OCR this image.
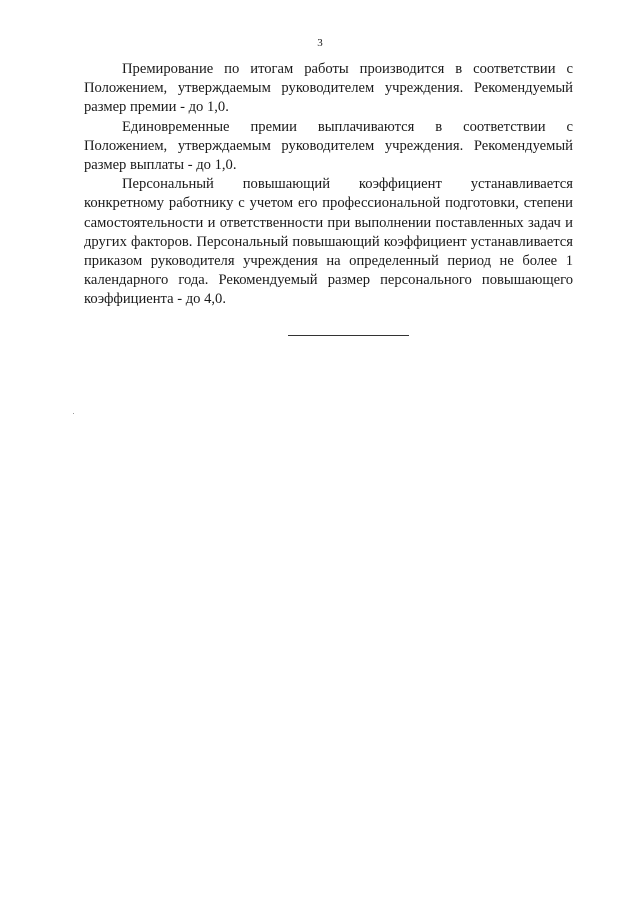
3

Премирование по итогам работы производится в соответствии с Положением, утверждаемым руководителем учреждения. Рекомендуемый размер премии - до 1,0.

Единовременные премии выплачиваются в соответствии с Положением, утверждаемым руководителем учреждения. Рекомендуемый размер выплаты - до 1,0.

Персональный повышающий коэффициент устанавливается конкретному работнику с учетом его профессиональной подготовки, степени самостоятельности и ответственности при выполнении поставленных задач и других факторов. Персональный повышающий коэффициент устанавливается приказом руководителя учреждения на определенный период не более 1 календарного года. Рекомендуемый размер персонального повышающего коэффициента - до 4,0.
